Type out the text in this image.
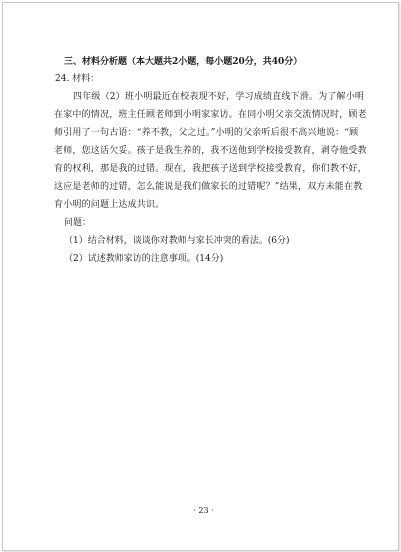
三、材料分析题（本大题共2小题，每小题20分，共40分）
24. 材料：
四年级（2）班小明最近在校表现不好，学习成绩直线下滑。为了解小明
在家中的情况，班主任顾老师到小明家家访。在同小明父亲交流情况时，顾老
师引用了一句古语：“养不教，父之过。”小明的父亲听后很不高兴地说：“顾
老师，您这话欠妥。孩子是我生养的，我不送他到学校接受教育，剥夺他受教
育的权利，那是我的过错。现在，我把孩子送到学校接受教育，你们教不好，
这应是老师的过错，怎么能说是我们做家长的过错呢？”结果，双方未能在教
育小明的问题上达成共识。
问题：
（1）结合材料，谈谈你对教师与家长冲突的看法。(6分)
（2）试述教师家访的注意事项。(14分)
· 23 ·
